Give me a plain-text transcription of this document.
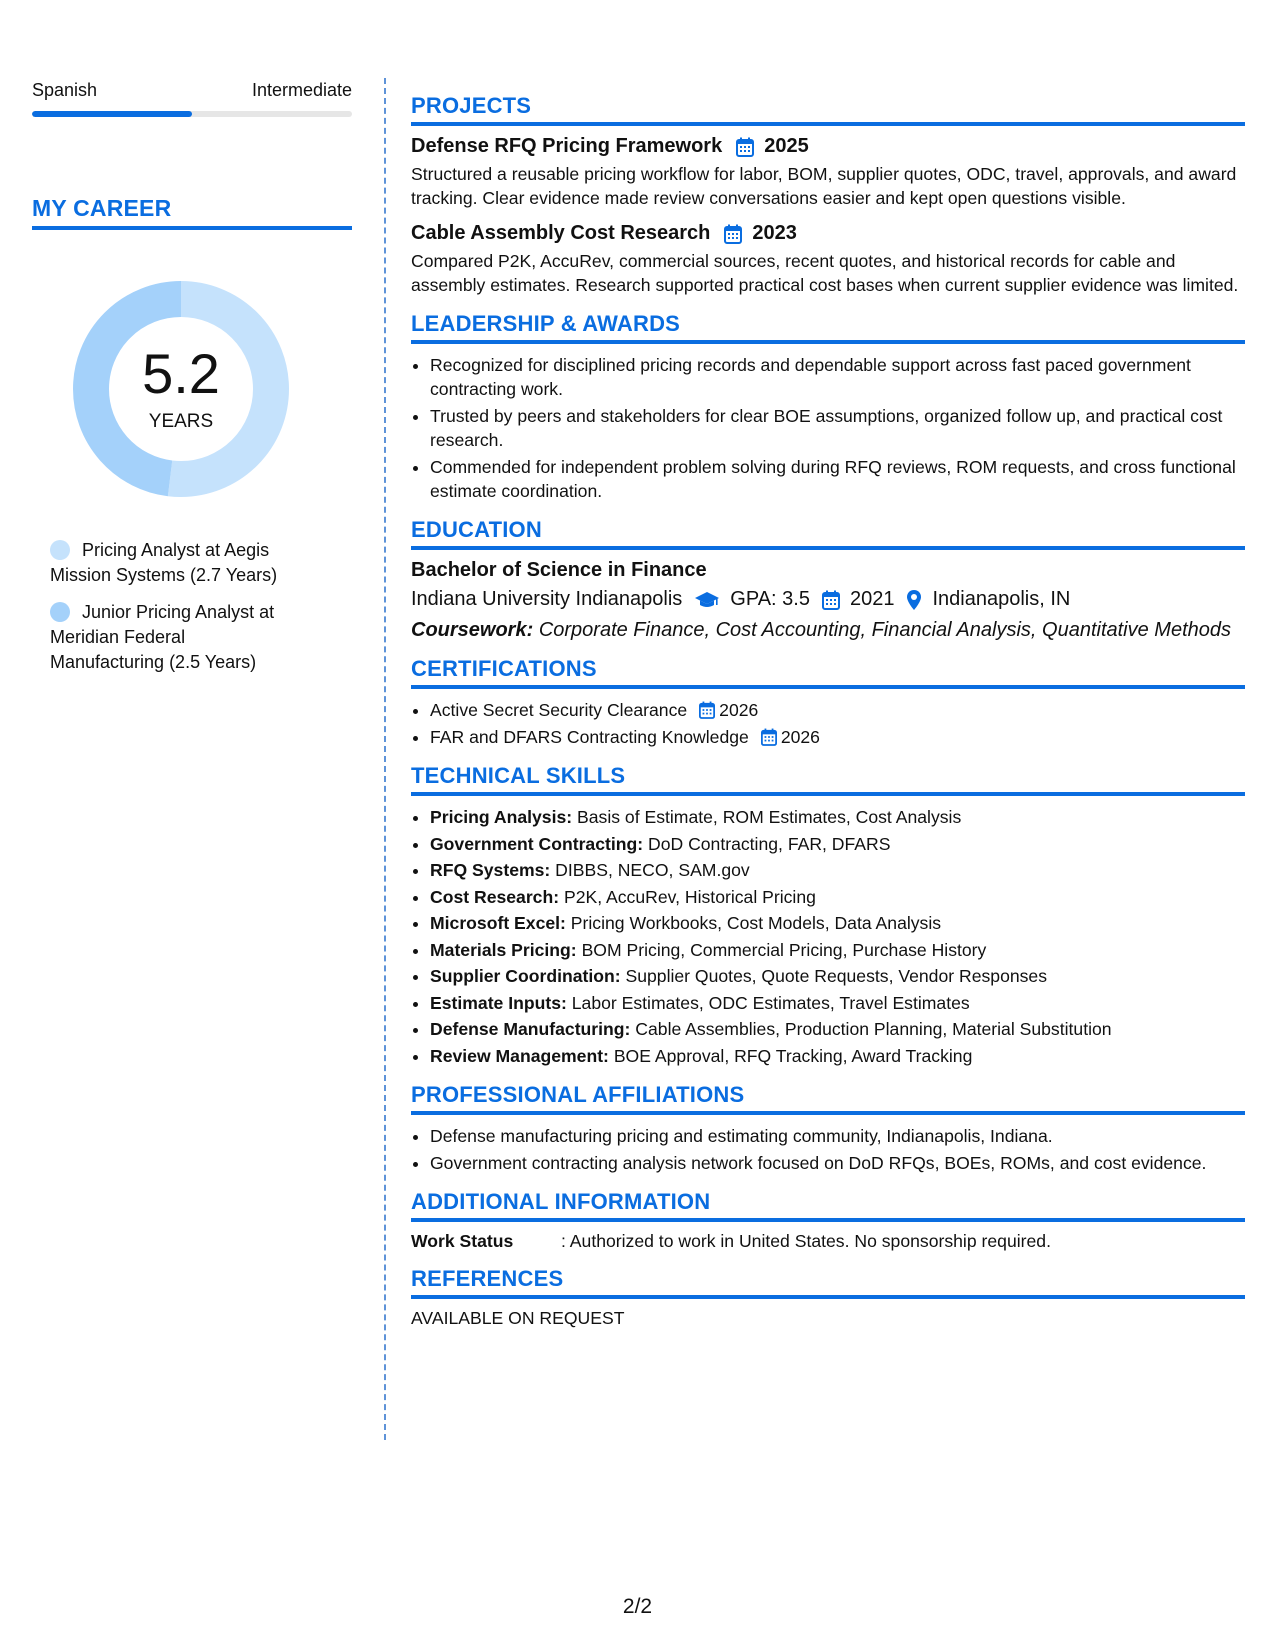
Spanish	Intermediate
MY CAREER
5.2
YEARS
Pricing Analyst at Aegis Mission Systems (2.7 Years)
Junior Pricing Analyst at Meridian Federal Manufacturing (2.5 Years)
PROJECTS
Defense RFQ Pricing Framework 2025
Structured a reusable pricing workflow for labor, BOM, supplier quotes, ODC, travel, approvals, and award tracking. Clear evidence made review conversations easier and kept open questions visible.
Cable Assembly Cost Research 2023
Compared P2K, AccuRev, commercial sources, recent quotes, and historical records for cable and assembly estimates. Research supported practical cost bases when current supplier evidence was limited.
LEADERSHIP & AWARDS
• Recognized for disciplined pricing records and dependable support across fast paced government contracting work.
• Trusted by peers and stakeholders for clear BOE assumptions, organized follow up, and practical cost research.
• Commended for independent problem solving during RFQ reviews, ROM requests, and cross functional estimate coordination.
EDUCATION
Bachelor of Science in Finance
Indiana University Indianapolis GPA: 3.5 2021 Indianapolis, IN
Coursework: Corporate Finance, Cost Accounting, Financial Analysis, Quantitative Methods
CERTIFICATIONS
• Active Secret Security Clearance 2026
• FAR and DFARS Contracting Knowledge 2026
TECHNICAL SKILLS
• Pricing Analysis: Basis of Estimate, ROM Estimates, Cost Analysis
• Government Contracting: DoD Contracting, FAR, DFARS
• RFQ Systems: DIBBS, NECO, SAM.gov
• Cost Research: P2K, AccuRev, Historical Pricing
• Microsoft Excel: Pricing Workbooks, Cost Models, Data Analysis
• Materials Pricing: BOM Pricing, Commercial Pricing, Purchase History
• Supplier Coordination: Supplier Quotes, Quote Requests, Vendor Responses
• Estimate Inputs: Labor Estimates, ODC Estimates, Travel Estimates
• Defense Manufacturing: Cable Assemblies, Production Planning, Material Substitution
• Review Management: BOE Approval, RFQ Tracking, Award Tracking
PROFESSIONAL AFFILIATIONS
• Defense manufacturing pricing and estimating community, Indianapolis, Indiana.
• Government contracting analysis network focused on DoD RFQs, BOEs, ROMs, and cost evidence.
ADDITIONAL INFORMATION
Work Status	: Authorized to work in United States. No sponsorship required.
REFERENCES
AVAILABLE ON REQUEST
2/2
